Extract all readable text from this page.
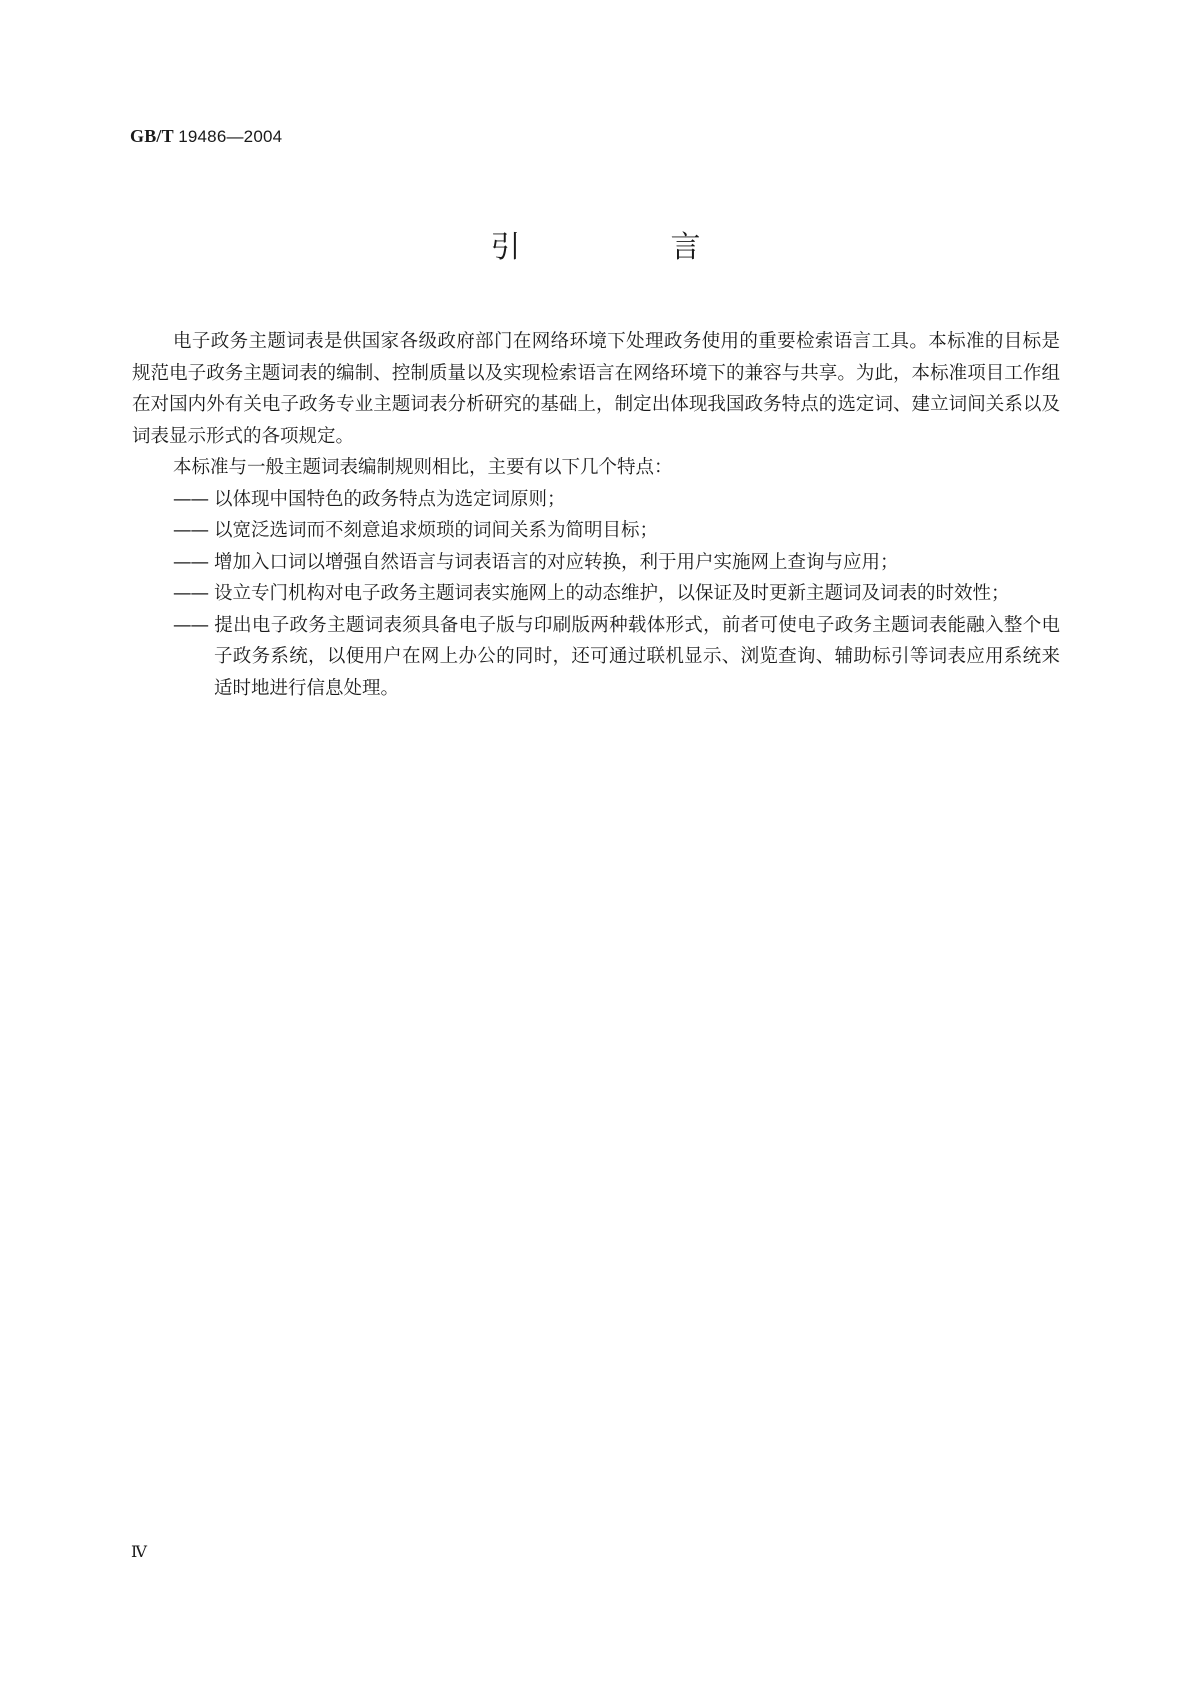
GB/T 19486—2004
引　言

电子政务主题词表是供国家各级政府部门在网络环境下处理政务使用的重要检索语言工具。本标准的目标是规范电子政务主题词表的编制、控制质量以及实现检索语言在网络环境下的兼容与共享。为此，本标准项目工作组在对国内外有关电子政务专业主题词表分析研究的基础上，制定出体现我国政务特点的选定词、建立词间关系以及词表显示形式的各项规定。

本标准与一般主题词表编制规则相比，主要有以下几个特点：

—— 以体现中国特色的政务特点为选定词原则；
—— 以宽泛选词而不刻意追求烦琐的词间关系为简明目标；
—— 增加入口词以增强自然语言与词表语言的对应转换，利于用户实施网上查询与应用；
—— 设立专门机构对电子政务主题词表实施网上的动态维护，以保证及时更新主题词及词表的时效性；
—— 提出电子政务主题词表须具备电子版与印刷版两种载体形式，前者可使电子政务主题词表能融入整个电子政务系统，以便用户在网上办公的同时，还可通过联机显示、浏览查询、辅助标引等词表应用系统来适时地进行信息处理。
Ⅳ
